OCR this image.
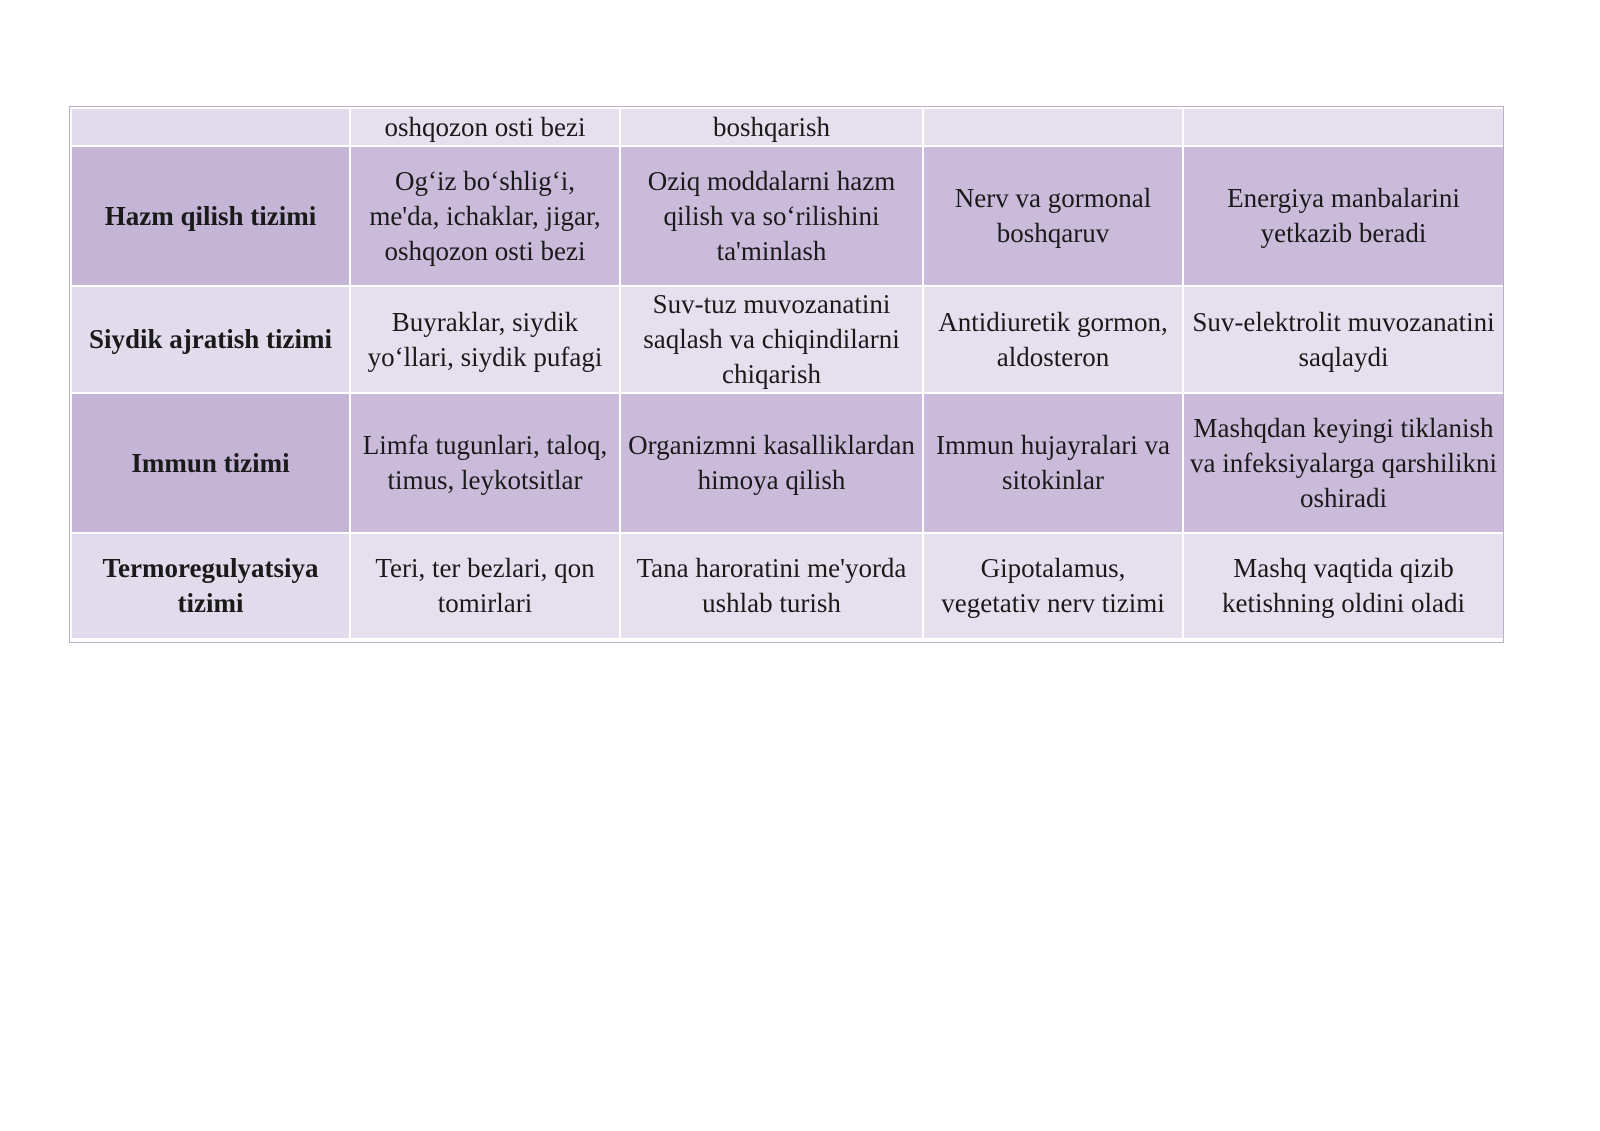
	oshqozon osti bezi	boshqarish		
Hazm qilish tizimi	Og‘iz bo‘shlig‘i, me'da, ichaklar, jigar, oshqozon osti bezi	Oziq moddalarni hazm qilish va so‘rilishini ta'minlash	Nerv va gormonal boshqaruv	Energiya manbalarini yetkazib beradi
Siydik ajratish tizimi	Buyraklar, siydik yo‘llari, siydik pufagi	Suv-tuz muvozanatini saqlash va chiqindilarni chiqarish	Antidiuretik gormon, aldosteron	Suv-elektrolit muvozanatini saqlaydi
Immun tizimi	Limfa tugunlari, taloq, timus, leykotsitlar	Organizmni kasalliklardan himoya qilish	Immun hujayralari va sitokinlar	Mashqdan keyingi tiklanish va infeksiyalarga qarshilikni oshiradi
Termoregulyatsiya tizimi	Teri, ter bezlari, qon tomirlari	Tana haroratini me'yorda ushlab turish	Gipotalamus, vegetativ nerv tizimi	Mashq vaqtida qizib ketishning oldini oladi
